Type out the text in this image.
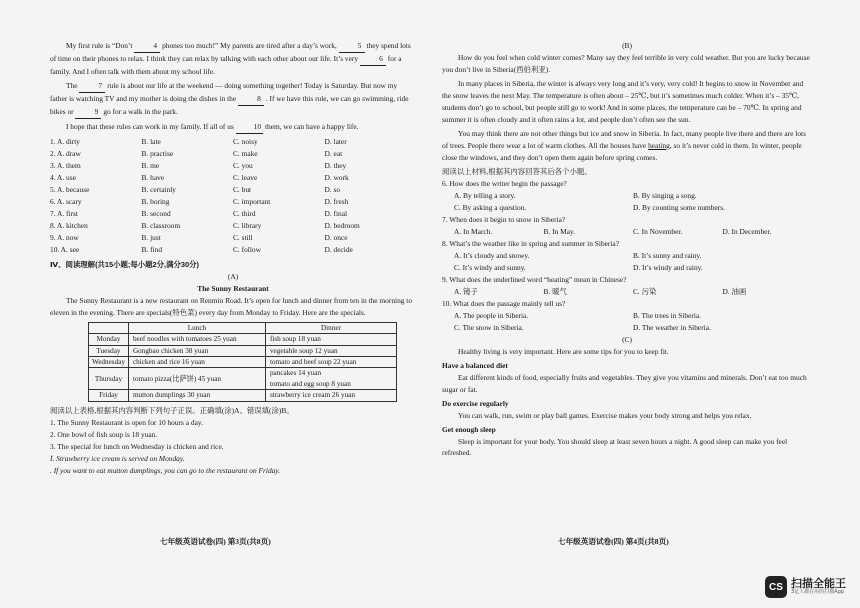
My first rule is “Don’t	4 phones too much!” My parents are tired after a day’s work,	5 they spend lots of time on their phones to relax. I think they can relax by talking with each other about our life. It’s very	6 for a family. And I often talk with them about my school life.

The	7 rule is about our life at the weekend — doing something together! Today is Saturday. But now my father is watching TV and my mother is doing the dishes in the	8 . If we have this rule, we can go swimming, ride bikes or	9 go for a walk in the park.

I hope that these rules can work in my family. If all of us	10 them, we can have a happy life.

1. A. dirty	B. late	C. noisy	D. later
2. A. draw	B. practise	C. make	D. eat
3. A. them	B. me	C. you	D. they
4. A. use	B. have	C. leave	D. work
5. A. because	B. certainly	C. but	D. so
6. A. scary	B. boring	C. important	D. fresh
7. A. first	B. second	C. third	D. final
8. A. kitchen	B. classroom	C. library	D. bedroom
9. A. now	B. just	C. still	D. once
10. A. see	B. find	C. follow	D. decide

Ⅳ、阅读理解(共15小题;每小题2分,满分30分)

(A)

The Sunny Restaurant

The Sunny Restaurant is a new restaurant on Renmin Road. It’s open for lunch and dinner from ten in the morning to eleven in the evening. There are specials(特色菜) every day from Monday to Friday. Here are the specials.

	Lunch	Dinner
Monday	beef noodles with tomatoes 25 yuan	fish soup 18 yuan

Tuesday	Gongbao chicken 38 yuan	vegetable soup 12 yuan

Wednesday	chicken and rice 16 yuan	tomato and beef soup 22 yuan

Thursday	tomato pizza(比萨饼) 45 yuan	pancakes 14 yuan
tomato and egg soup 8 yuan

Friday	mutton dumplings 30 yuan	strawberry ice cream 26 yuan

阅读以上表格,根据其内容判断下列句子正误。正确填(涂)A、错误填(涂)B。

1. The Sunny Restaurant is open for 10 hours a day.

2. One bowl of fish soup is 18 yuan.

3. The special for lunch on Wednesday is chicken and rice.

İ. Strawberry ice cream is served on Monday.

. If you want to eat mutton dumplings, you can go to the restaurant on Friday.

七年级英语试卷(四) 第3页(共8页)

(B)

How do you feel when cold winter comes? Many say they feel terrible in very cold weather. But you are lucky because you don’t live in Siberia(西伯利亚).

In many places in Siberia, the winter is always very long and it’s very, very cold! It begins to snow in November and the snow leaves the next May. The temperature is often about – 25℃, but it’s sometimes much colder. When it’s – 35℃, students don’t go to school, but people still go to work! And in some places, the temperature can be – 70℃. In spring and summer it is often cloudy and it often rains a lot, and people don’t often see the sun.

You may think there are not other things but ice and snow in Siberia. In fact, many people live there and there are lots of trees. People there wear a lot of warm clothes. All the houses have heating, so it’s never cold in them. In winter, people close the windows, and they don’t open them again before spring comes.

阅读以上材料,根据其内容回答其后各个小题。

6. How does the writer begin the passage?

A. By telling a story.	B. By singing a song.
C. By asking a question.	D. By counting some numbers.

7. When does it begin to snow in Siberia?

A. In March.	B. In May.	C. In November.	D. In December.

8. What’s the weather like in spring and summer in Siberia?

A. It’s cloudy and snowy.	B. It’s sunny and rainy.
C. It’s windy and sunny.	D. It’s windy and rainy.

9. What does the underlined word “heating” mean in Chinese?

A. 镜子	B. 暖气	C. 污染	D. 油画

10. What does the passage mainly tell us?

A. The people in Siberia.	B. The trees in Siberia.
C. The snow in Siberia.	D. The weather in Siberia.

(C)

Healthy living is very important. Here are some tips for you to keep fit.

Have a balanced diet

Eat different kinds of food, especially fruits and vegetables. They give you vitamins and minerals. Don’t eat too much sugar or fat.

Do exercise regularly

You can walk, run, swim or play ball games. Exercise makes your body strong and helps you relax.

Get enough sleep

Sleep is important for your body. You should sleep at least seven hours a night. A good sleep can make you feel refreshed.

七年级英语试卷(四) 第4页(共8页)
CS 扫描全能王
3亿人都在用的扫描App
